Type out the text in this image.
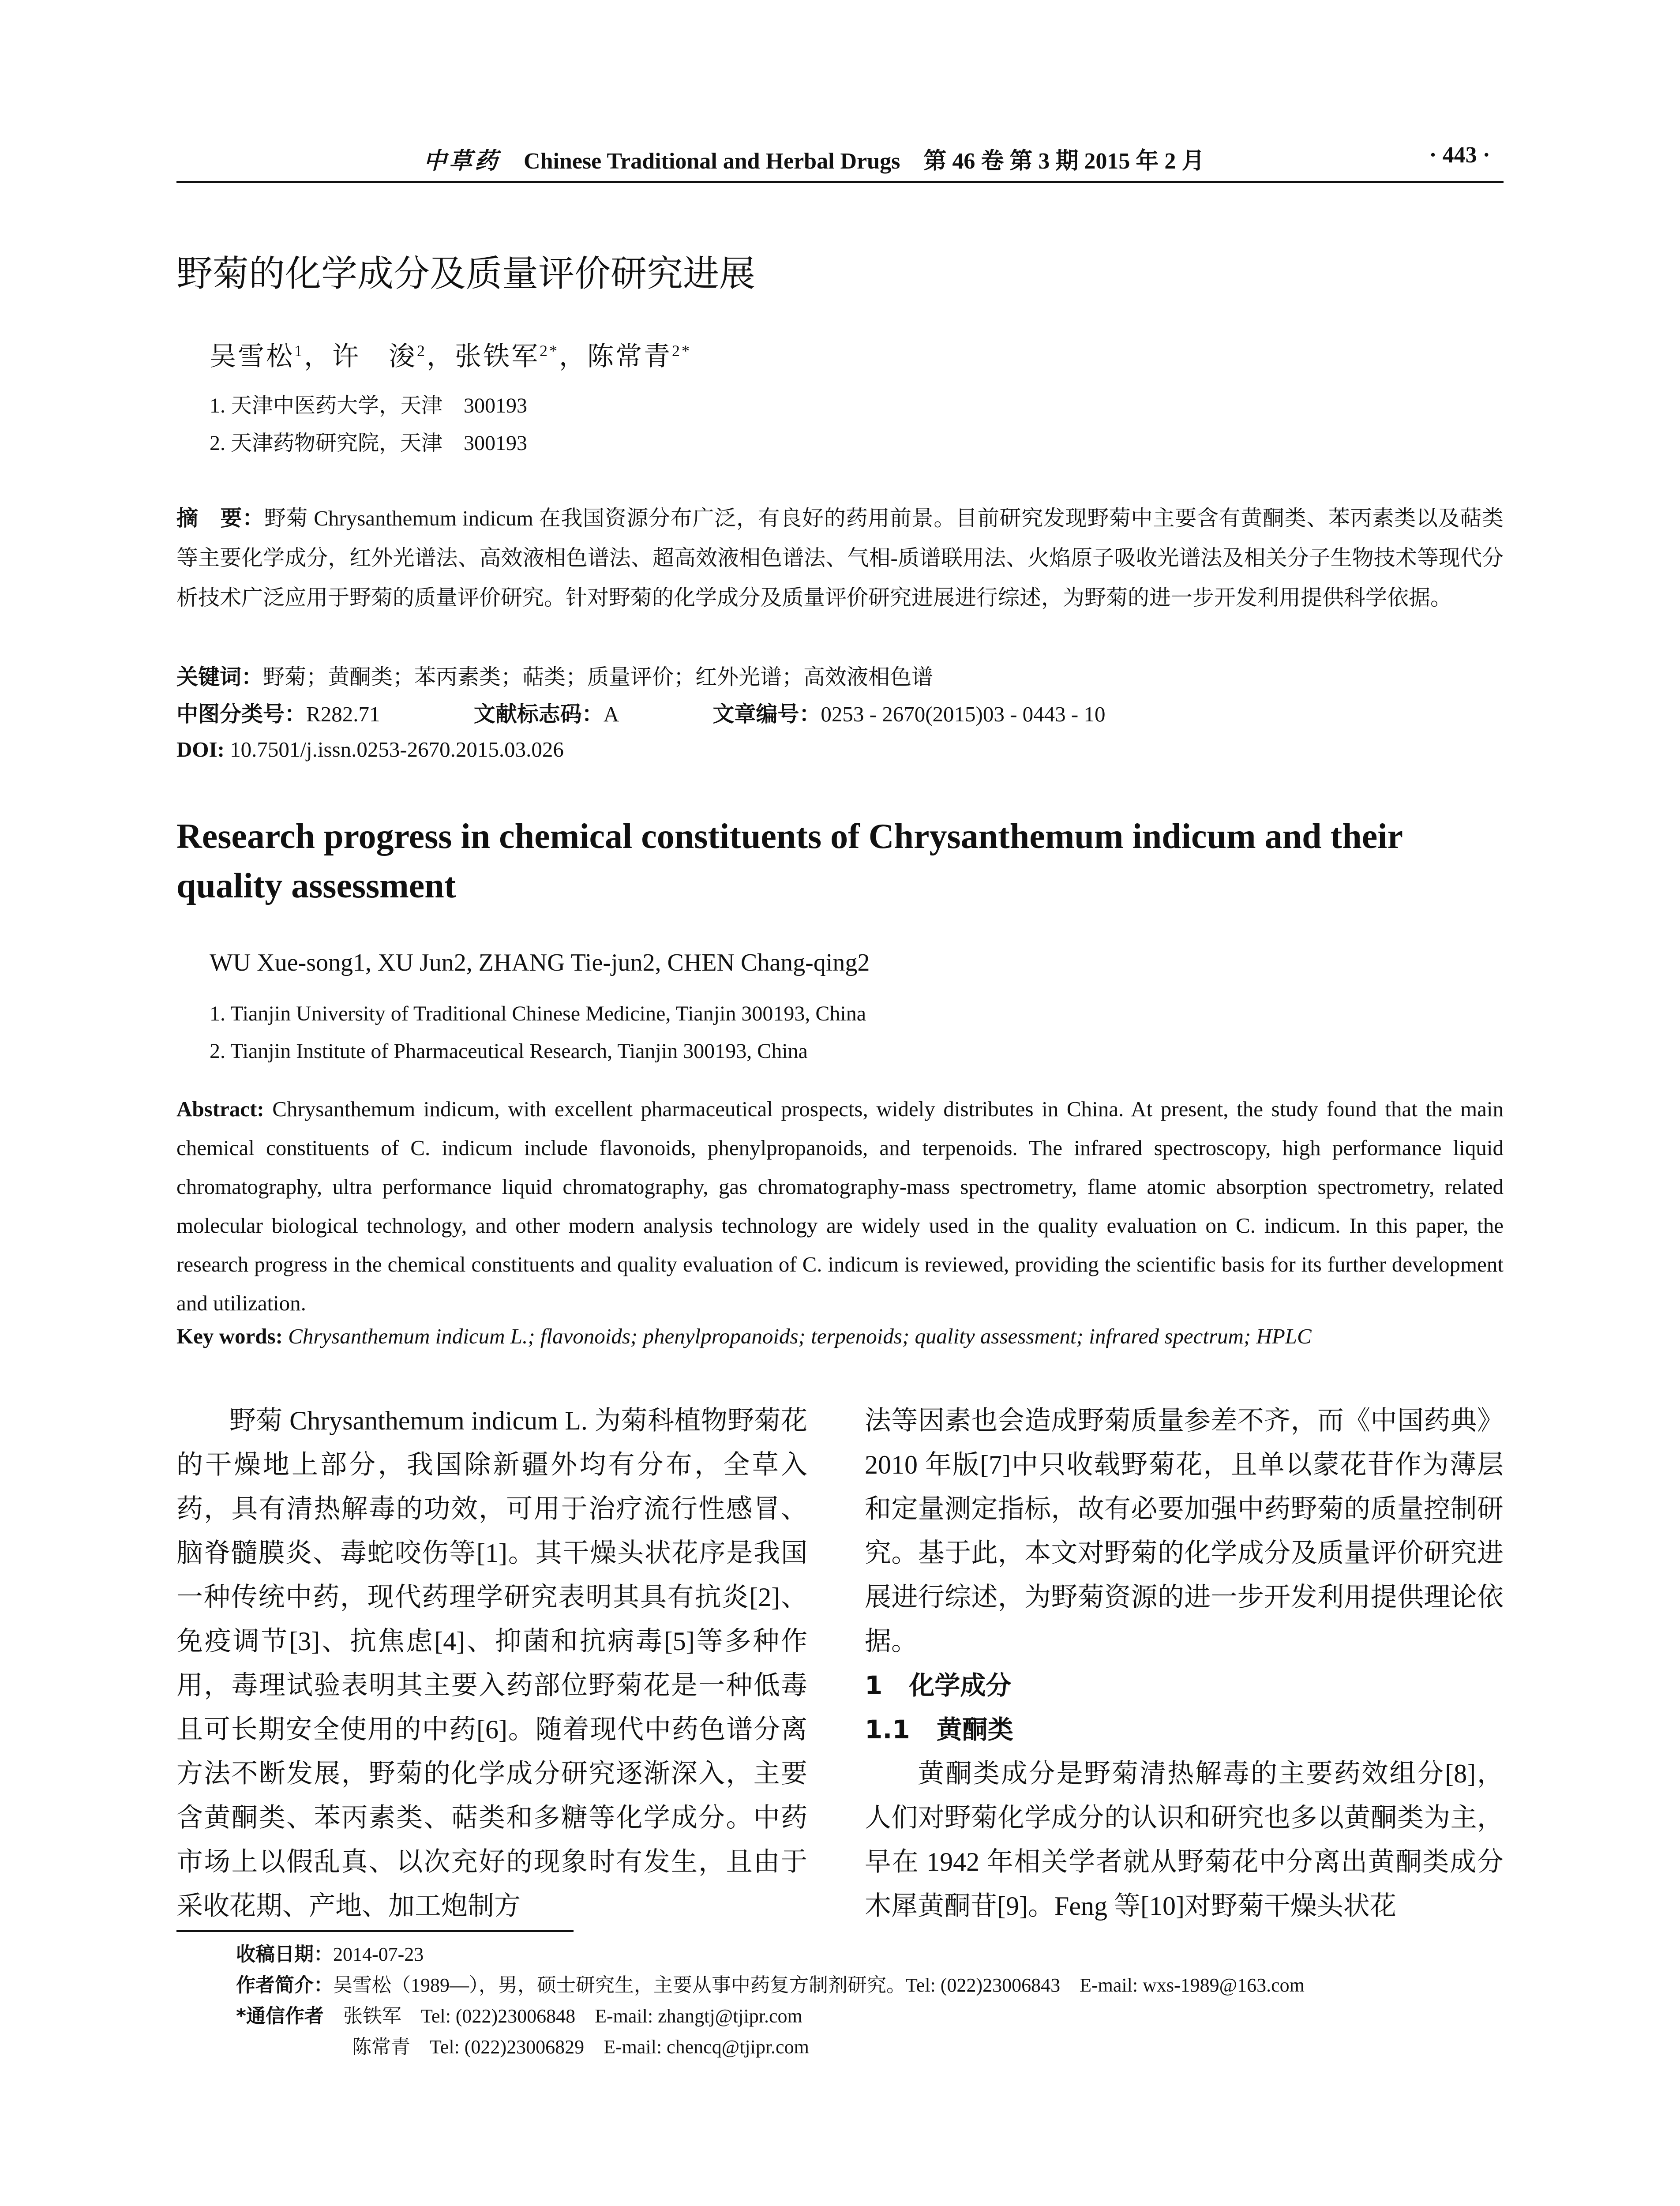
中草药 Chinese Traditional and Herbal Drugs 第 46 卷 第 3 期 2015 年 2 月	· 443 ·
野菊的化学成分及质量评价研究进展
吴雪松$^1$，许　浚$^2$，张铁军$^{2*}$，陈常青$^{2*}$
1. 天津中医药大学，天津　300193
2. 天津药物研究院，天津　300193
摘　要：野菊 Chrysanthemum indicum 在我国资源分布广泛，有良好的药用前景。目前研究发现野菊中主要含有黄酮类、苯丙素类以及萜类等主要化学成分，红外光谱法、高效液相色谱法、超高效液相色谱法、气相-质谱联用法、火焰原子吸收光谱法及相关分子生物技术等现代分析技术广泛应用于野菊的质量评价研究。针对野菊的化学成分及质量评价研究进展进行综述，为野菊的进一步开发利用提供科学依据。
关键词：野菊；黄酮类；苯丙素类；萜类；质量评价；红外光谱；高效液相色谱
中图分类号：R282.71	文献标志码：A	文章编号：0253 - 2670(2015)03 - 0443 - 10
DOI: 10.7501/j.issn.0253-2670.2015.03.026
Research progress in chemical constituents of Chrysanthemum indicum and their quality assessment
WU Xue-song1, XU Jun2, ZHANG Tie-jun2, CHEN Chang-qing2
1. Tianjin University of Traditional Chinese Medicine, Tianjin 300193, China
2. Tianjin Institute of Pharmaceutical Research, Tianjin 300193, China
Abstract: Chrysanthemum indicum, with excellent pharmaceutical prospects, widely distributes in China. At present, the study found that the main chemical constituents of C. indicum include flavonoids, phenylpropanoids, and terpenoids. The infrared spectroscopy, high performance liquid chromatography, ultra performance liquid chromatography, gas chromatography-mass spectrometry, flame atomic absorption spectrometry, related molecular biological technology, and other modern analysis technology are widely used in the quality evaluation on C. indicum. In this paper, the research progress in the chemical constituents and quality evaluation of C. indicum is reviewed, providing the scientific basis for its further development and utilization.
Key words: Chrysanthemum indicum L.; flavonoids; phenylpropanoids; terpenoids; quality assessment; infrared spectrum; HPLC
野菊 Chrysanthemum indicum L. 为菊科植物野菊花的干燥地上部分，我国除新疆外均有分布，全草入药，具有清热解毒的功效，可用于治疗流行性感冒、脑脊髓膜炎、毒蛇咬伤等[1]。其干燥头状花序是我国一种传统中药，现代药理学研究表明其具有抗炎[2]、免疫调节[3]、抗焦虑[4]、抑菌和抗病毒[5]等多种作用，毒理试验表明其主要入药部位野菊花是一种低毒且可长期安全使用的中药[6]。随着现代中药色谱分离方法不断发展，野菊的化学成分研究逐渐深入，主要含黄酮类、苯丙素类、萜类和多糖等化学成分。中药市场上以假乱真、以次充好的现象时有发生，且由于采收花期、产地、加工炮制方
法等因素也会造成野菊质量参差不齐，而《中国药典》2010 年版[7]中只收载野菊花，且单以蒙花苷作为薄层和定量测定指标，故有必要加强中药野菊的质量控制研究。基于此，本文对野菊的化学成分及质量评价研究进展进行综述，为野菊资源的进一步开发利用提供理论依据。
1 化学成分
1.1 黄酮类
黄酮类成分是野菊清热解毒的主要药效组分[8]，人们对野菊化学成分的认识和研究也多以黄酮类为主，早在 1942 年相关学者就从野菊花中分离出黄酮类成分木犀黄酮苷[9]。Feng 等[10]对野菊干燥头状花
收稿日期：2014-07-23
作者简介：吴雪松（1989—），男，硕士研究生，主要从事中药复方制剂研究。Tel: (022)23006843　E-mail: wxs-1989@163.com
*通信作者　 张铁军　Tel: (022)23006848　E-mail: zhangtj@tjipr.com
陈常青　Tel: (022)23006829　E-mail: chencq@tjipr.com
